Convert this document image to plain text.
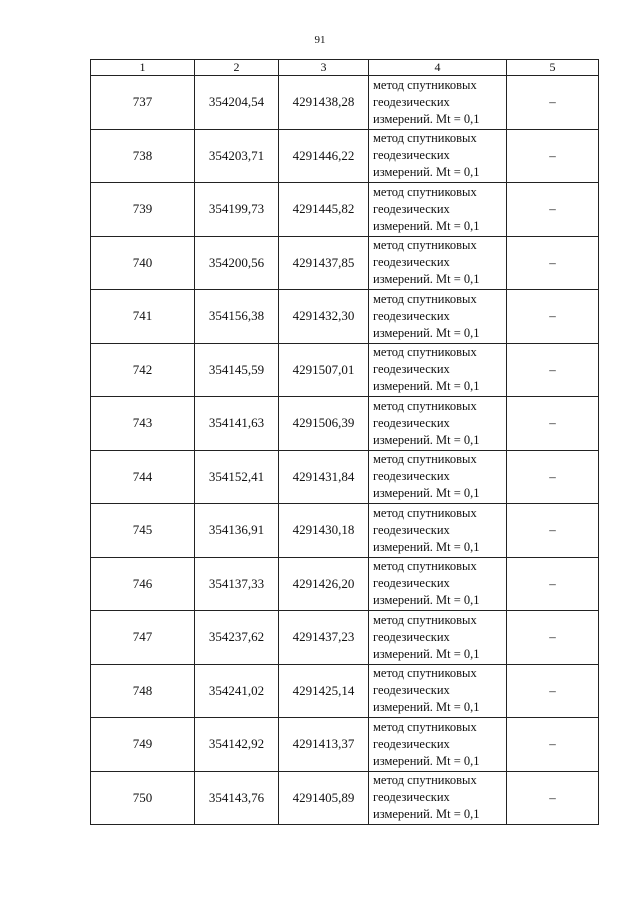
91
1	2	3	4	5
737	354204,54	4291438,28	метод спутниковых
геодезических
измерений. Mt = 0,1	–
738	354203,71	4291446,22	метод спутниковых
геодезических
измерений. Mt = 0,1	–
739	354199,73	4291445,82	метод спутниковых
геодезических
измерений. Mt = 0,1	–
740	354200,56	4291437,85	метод спутниковых
геодезических
измерений. Mt = 0,1	–
741	354156,38	4291432,30	метод спутниковых
геодезических
измерений. Mt = 0,1	–
742	354145,59	4291507,01	метод спутниковых
геодезических
измерений. Mt = 0,1	–
743	354141,63	4291506,39	метод спутниковых
геодезических
измерений. Mt = 0,1	–
744	354152,41	4291431,84	метод спутниковых
геодезических
измерений. Mt = 0,1	–
745	354136,91	4291430,18	метод спутниковых
геодезических
измерений. Mt = 0,1	–
746	354137,33	4291426,20	метод спутниковых
геодезических
измерений. Mt = 0,1	–
747	354237,62	4291437,23	метод спутниковых
геодезических
измерений. Mt = 0,1	–
748	354241,02	4291425,14	метод спутниковых
геодезических
измерений. Mt = 0,1	–
749	354142,92	4291413,37	метод спутниковых
геодезических
измерений. Mt = 0,1	–
750	354143,76	4291405,89	метод спутниковых
геодезических
измерений. Mt = 0,1	–
